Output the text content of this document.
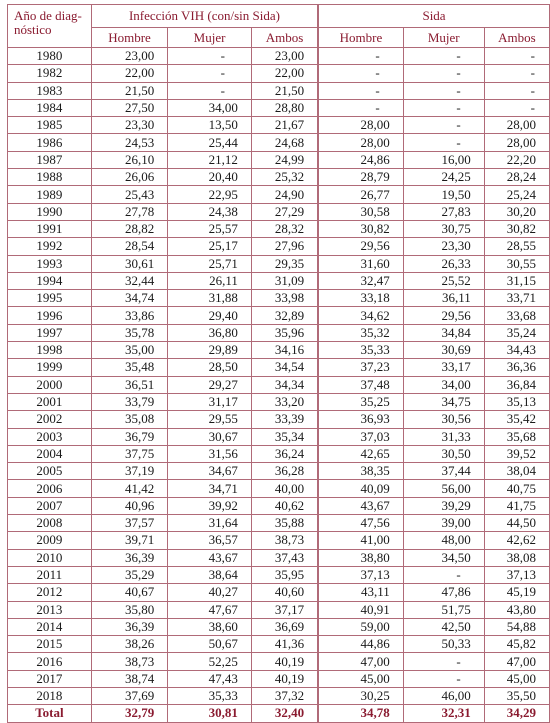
Año de diag-
nóstico	Infección VIH (con/sin Sida)			Sida		
	Hombre	Mujer	Ambos	Hombre	Mujer	Ambos
1980	23,00	-	23,00	-	-	-
1982	22,00	-	22,00	-	-	-
1983	21,50	-	21,50	-	-	-
1984	27,50	34,00	28,80	-	-	-
1985	23,30	13,50	21,67	28,00	-	28,00
1986	24,53	25,44	24,68	28,00	-	28,00
1987	26,10	21,12	24,99	24,86	16,00	22,20
1988	26,06	20,40	25,32	28,79	24,25	28,24
1989	25,43	22,95	24,90	26,77	19,50	25,24
1990	27,78	24,38	27,29	30,58	27,83	30,20
1991	28,82	25,57	28,32	30,82	30,75	30,82
1992	28,54	25,17	27,96	29,56	23,30	28,55
1993	30,61	25,71	29,35	31,60	26,33	30,55
1994	32,44	26,11	31,09	32,47	25,52	31,15
1995	34,74	31,88	33,98	33,18	36,11	33,71
1996	33,86	29,40	32,89	34,62	29,56	33,68
1997	35,78	36,80	35,96	35,32	34,84	35,24
1998	35,00	29,89	34,16	35,33	30,69	34,43
1999	35,48	28,50	34,54	37,23	33,17	36,36
2000	36,51	29,27	34,34	37,48	34,00	36,84
2001	33,79	31,17	33,20	35,25	34,75	35,13
2002	35,08	29,55	33,39	36,93	30,56	35,42
2003	36,79	30,67	35,34	37,03	31,33	35,68
2004	37,75	31,56	36,24	42,65	30,50	39,52
2005	37,19	34,67	36,28	38,35	37,44	38,04
2006	41,42	34,71	40,00	40,09	56,00	40,75
2007	40,96	39,92	40,62	43,67	39,29	41,75
2008	37,57	31,64	35,88	47,56	39,00	44,50
2009	39,71	36,57	38,73	41,00	48,00	42,62
2010	36,39	43,67	37,43	38,80	34,50	38,08
2011	35,29	38,64	35,95	37,13	-	37,13
2012	40,67	40,27	40,60	43,11	47,86	45,19
2013	35,80	47,67	37,17	40,91	51,75	43,80
2014	36,39	38,60	36,69	59,00	42,50	54,88
2015	38,26	50,67	41,36	44,86	50,33	45,82
2016	38,73	52,25	40,19	47,00	-	47,00
2017	38,74	47,43	40,19	45,00	-	45,00
2018	37,69	35,33	37,32	30,25	46,00	35,50
Total	32,79	30,81	32,40	34,78	32,31	34,29
